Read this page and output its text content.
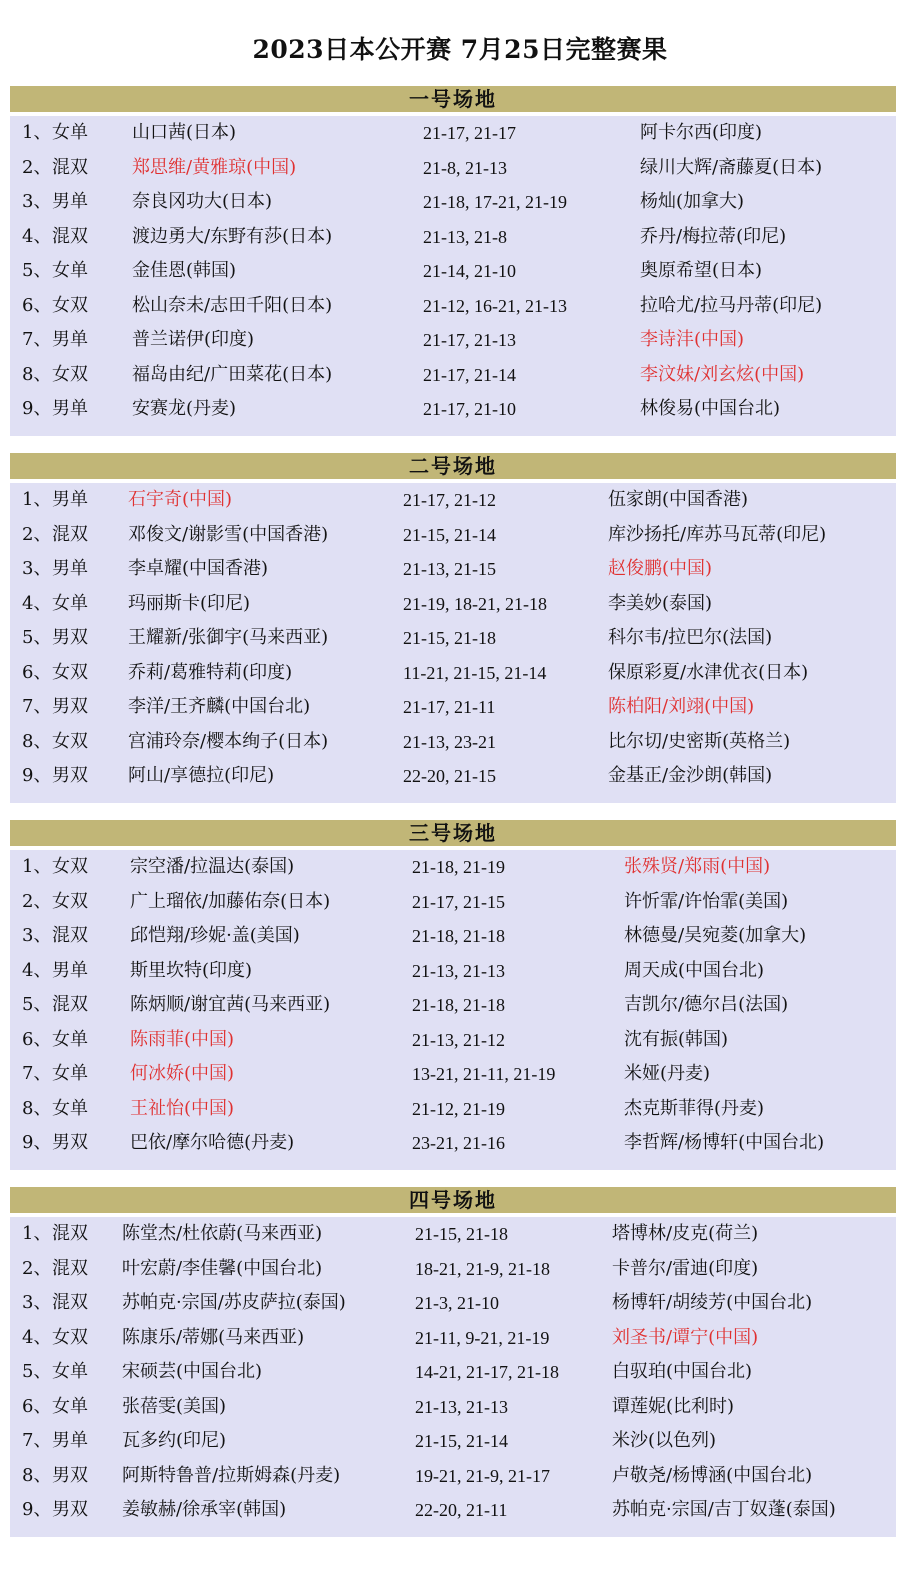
2023日本公开赛 7月25日完整赛果
一号场地
1、 女单 山口茜(日本)	21-17, 21-17	阿卡尔西(印度)
2、 混双 郑思维/黄雅琼(中国)	21-8, 21-13	绿川大辉/斋藤夏(日本)
3、 男单 奈良冈功大(日本)	21-18, 17-21, 21-19	杨灿(加拿大)
4、 混双 渡边勇大/东野有莎(日本)	21-13, 21-8	乔丹/梅拉蒂(印尼)
5、 女单 金佳恩(韩国)	21-14, 21-10	奥原希望(日本)
6、 女双 松山奈未/志田千阳(日本)	21-12, 16-21, 21-13	拉哈尤/拉马丹蒂(印尼)
7、 男单 普兰诺伊(印度)	21-17, 21-13	李诗沣(中国)
8、 女双 福岛由纪/广田菜花(日本)	21-17, 21-14	李汶妹/刘玄炫(中国)
9、 男单 安赛龙(丹麦)	21-17, 21-10	林俊易(中国台北)
二号场地
1、 男单 石宇奇(中国)	21-17, 21-12	伍家朗(中国香港)
2、 混双 邓俊文/谢影雪(中国香港)	21-15, 21-14	库沙扬托/库苏马瓦蒂(印尼)
3、 男单 李卓耀(中国香港)	21-13, 21-15	赵俊鹏(中国)
4、 女单 玛丽斯卡(印尼)	21-19, 18-21, 21-18	李美妙(泰国)
5、 男双 王耀新/张御宇(马来西亚)	21-15, 21-18	科尔韦/拉巴尔(法国)
6、 女双 乔莉/葛雅特莉(印度)	11-21, 21-15, 21-14	保原彩夏/水津优衣(日本)
7、 男双 李洋/王齐麟(中国台北)	21-17, 21-11	陈柏阳/刘翊(中国)
8、 女双 宫浦玲奈/樱本绚子(日本)	21-13, 23-21	比尔切/史密斯(英格兰)
9、 男双 阿山/享德拉(印尼)	22-20, 21-15	金基正/金沙朗(韩国)
三号场地
1、 女双 宗空潘/拉温达(泰国)	21-18, 21-19	张殊贤/郑雨(中国)
2、 女双 广上瑠依/加藤佑奈(日本)	21-17, 21-15	许忻霏/许怡霏(美国)
3、 混双 邱恺翔/珍妮·盖(美国)	21-18, 21-18	林德曼/吴宛菱(加拿大)
4、 男单 斯里坎特(印度)	21-13, 21-13	周天成(中国台北)
5、 混双 陈炳顺/谢宜茜(马来西亚)	21-18, 21-18	吉凯尔/德尔吕(法国)
6、 女单 陈雨菲(中国)	21-13, 21-12	沈有振(韩国)
7、 女单 何冰娇(中国)	13-21, 21-11, 21-19	米娅(丹麦)
8、 女单 王祉怡(中国)	21-12, 21-19	杰克斯菲得(丹麦)
9、 男双 巴依/摩尔哈德(丹麦)	23-21, 21-16	李哲辉/杨博轩(中国台北)
四号场地
1、 混双 陈堂杰/杜依蔚(马来西亚)	21-15, 21-18	塔博林/皮克(荷兰)
2、 混双 叶宏蔚/李佳馨(中国台北)	18-21, 21-9, 21-18	卡普尔/雷迪(印度)
3、 混双 苏帕克·宗国/苏皮萨拉(泰国)	21-3, 21-10	杨博轩/胡绫芳(中国台北)
4、 女双 陈康乐/蒂娜(马来西亚)	21-11, 9-21, 21-19	刘圣书/谭宁(中国)
5、 女单 宋硕芸(中国台北)	14-21, 21-17, 21-18	白驭珀(中国台北)
6、 女单 张蓓雯(美国)	21-13, 21-13	谭莲妮(比利时)
7、 男单 瓦多约(印尼)	21-15, 21-14	米沙(以色列)
8、 男双 阿斯特鲁普/拉斯姆森(丹麦)	19-21, 21-9, 21-17	卢敬尧/杨博涵(中国台北)
9、 男双 姜敏赫/徐承宰(韩国)	22-20, 21-11	苏帕克·宗国/吉丁奴蓬(泰国)
